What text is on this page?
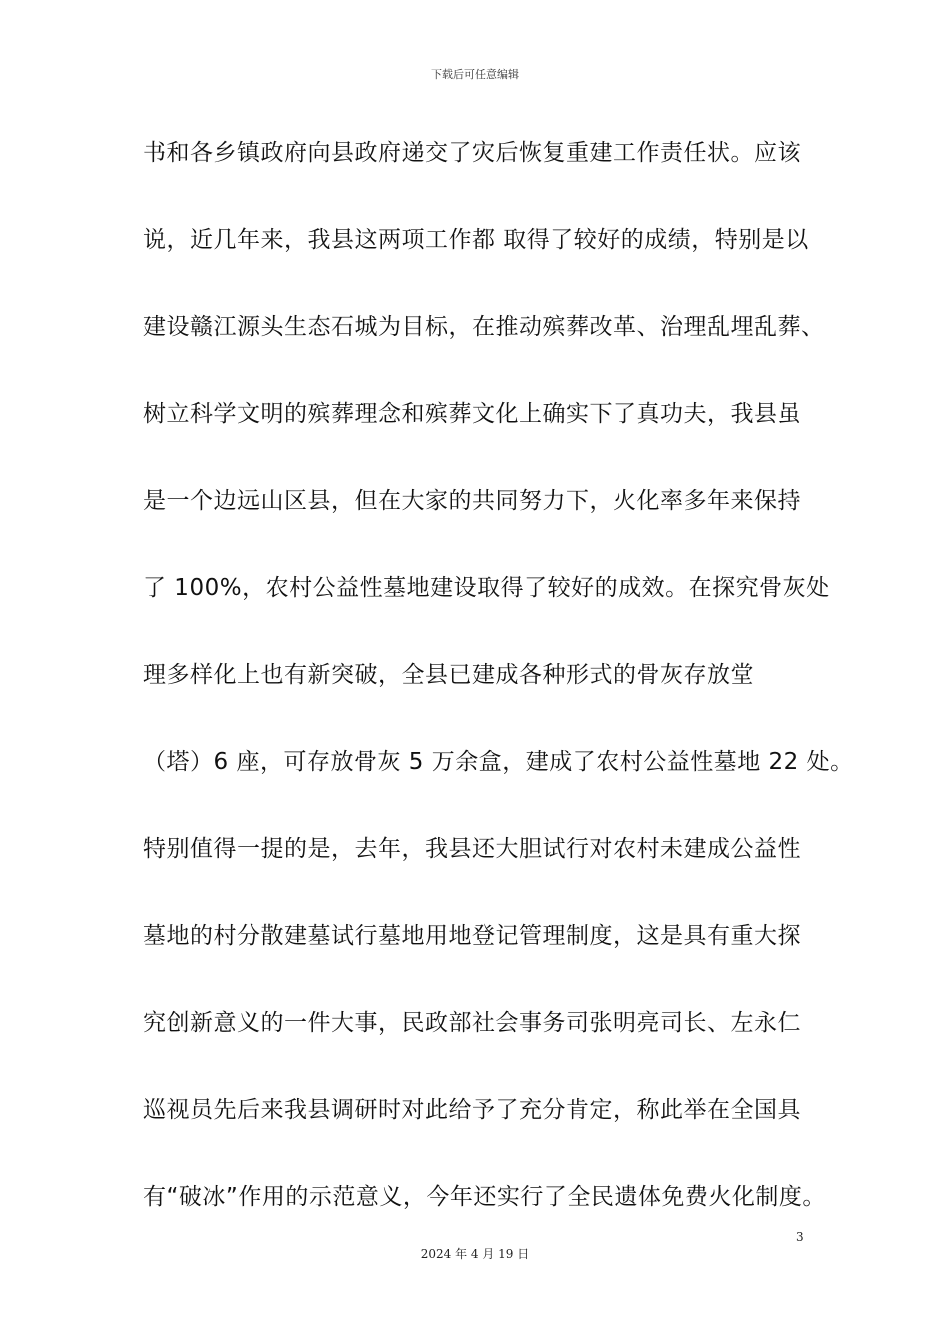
下载后可任意编辑
书和各乡镇政府向县政府递交了灾后恢复重建工作责任状。应该
说，近几年来，我县这两项工作都 取得了较好的成绩，特别是以
建设赣江源头生态石城为目标，在推动殡葬改革、治理乱埋乱葬、
树立科学文明的殡葬理念和殡葬文化上确实下了真功夫，我县虽
是一个边远山区县，但在大家的共同努力下，火化率多年来保持
了 100%，农村公益性墓地建设取得了较好的成效。在探究骨灰处
理多样化上也有新突破，全县已建成各种形式的骨灰存放堂
（塔）6 座，可存放骨灰 5 万余盒，建成了农村公益性墓地 22 处。
特别值得一提的是，去年，我县还大胆试行对农村未建成公益性
墓地的村分散建墓试行墓地用地登记管理制度，这是具有重大探
究创新意义的一件大事，民政部社会事务司张明亮司长、左永仁
巡视员先后来我县调研时对此给予了充分肯定，称此举在全国具
有“破冰”作用的示范意义，今年还实行了全民遗体免费火化制度。
3
2024 年 4 月 19 日
